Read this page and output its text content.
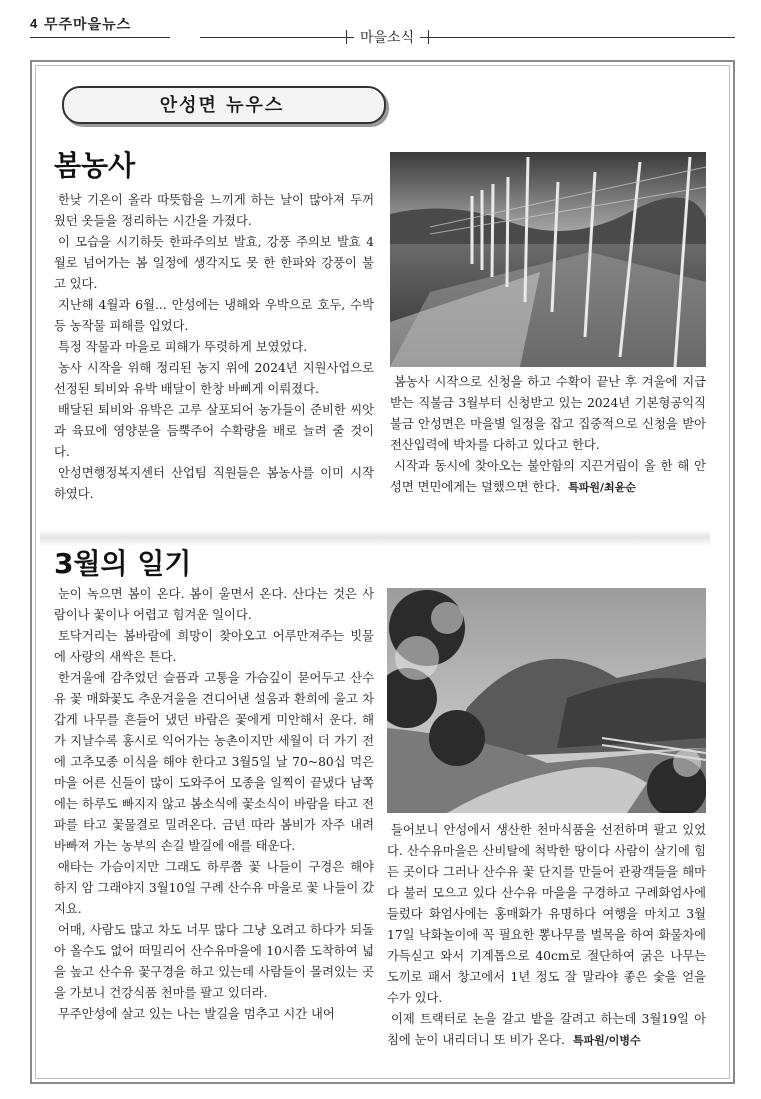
4 무주마을뉴스
마을소식
안성면 뉴우스
봄농사

한낮 기온이 올라 따뜻함을 느끼게 하는 날이 많아져 두꺼웠던 옷들을 정리하는 시간을 가졌다.

이 모습을 시기하듯 한파주의보 발효, 강풍 주의보 발효 4월로 넘어가는 봄 일정에 생각지도 못 한 한파와 강풍이 불고 있다.

지난해 4월과 6월... 안성에는 냉해와 우박으로 호두, 수박 등 농작물 피해를 입었다.

특정 작물과 마을로 피해가 뚜렷하게 보였었다.

농사 시작을 위해 정리된 농지 위에 2024년 지원사업으로 선정된 퇴비와 유박 배달이 한창 바삐게 이뤄졌다.

배달된 퇴비와 유박은 고루 살포되어 농가들이 준비한 씨앗과 육묘에 영양분을 듬뿍주어 수확량을 배로 늘려 줄 것이다.

안성면행정복지센터 산업팀 직원들은 봄농사를 이미 시작하였다.

봄농사 시작으로 신청을 하고 수확이 끝난 후 겨울에 지급받는 직불금 3월부터 신청받고 있는 2024년 기본형공익직불금 안성면은 마을별 일정을 잡고 집중적으로 신청을 받아 전산입력에 박차를 다하고 있다고 한다.

시작과 동시에 찾아오는 불안함의 지끈거림이 올 한 해 안성면 면민에게는 덜했으면 한다. 특파원/최윤순

3월의 일기

눈이 녹으면 봄이 온다. 봄이 울면서 온다. 산다는 것은 사람이나 꽃이나 어렵고 힘겨운 일이다.

토닥거리는 봄바람에 희망이 찾아오고 어루만져주는 빗물에 사랑의 새싹은 튼다.

한겨울에 감추었던 슬픔과 고통을 가슴깊이 묻어두고 산수유 꽃 매화꽃도 추운겨울을 견디어낸 설움과 환희에 울고 차갑게 나무를 흔들어 냈던 바람은 꽃에게 미안해서 운다. 해가 지날수록 홍시로 익어가는 농촌이지만 세월이 더 가기 전에 고추모종 이식을 해야 한다고 3월5일 날 70~80십 먹은 마을 어른 신들이 많이 도와주어 모종을 일찍이 끝냈다 남쪽에는 하루도 빠지지 않고 봄소식에 꽃소식이 바람을 타고 전파를 타고 꽃물결로 밀려온다. 금년 따라 봄비가 자주 내려 바빠져 가는 농부의 손길 발길에 애를 태운다.

애타는 가슴이지만 그래도 하루쯤 꽃 나들이 구경은 해야 하지 암 그래야지 3월10일 구례 산수유 마을로 꽃 나들이 갔지요.

어매, 사람도 많고 차도 너무 많다 그냥 오려고 하다가 되돌아 올수도 없어 떠밀리어 산수유마을에 10시쯤 도착하여 넓을 높고 산수유 꽃구경을 하고 있는데 사람들이 몰려있는 곳을 가보니 건강식품 천마를 팔고 있더라.

무주안성에 살고 있는 나는 발길을 멈추고 시간 내어

들어보니 안성에서 생산한 천마식품을 선전하며 팔고 있었다. 산수유마을은 산비탈에 척박한 땅이다 사람이 살기에 힘든 곳이다 그러나 산수유 꽃 단지를 만들어 관광객들을 해마다 불러 모으고 있다 산수유 마을을 구경하고 구례화엄사에 들렀다 화엄사에는 홍매화가 유명하다 여행을 마치고 3월 17일 낙화놀이에 꼭 필요한 뽕나무를 벌목을 하여 화물차에 가득싣고 와서 기계톱으로 40cm로 절단하여 굵은 나무는 도끼로 패서 창고에서 1년 정도 잘 말라야 좋은 숯을 얻을 수가 있다.

이제 트랙터로 논을 갈고 밭을 갈려고 하는데 3월19일 아침에 눈이 내리더니 또 비가 온다. 특파원/이병수
